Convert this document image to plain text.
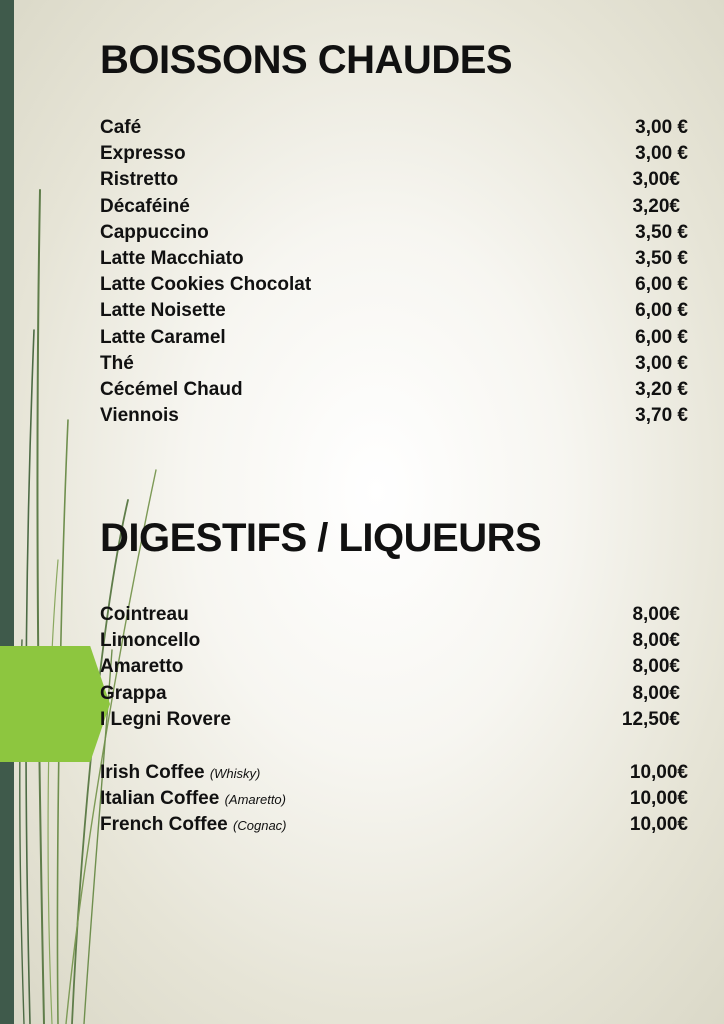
BOISSONS CHAUDES
Café	3,00 €
Expresso	3,00 €
Ristretto	3,00€
Décaféiné	3,20€
Cappuccino	3,50 €
Latte Macchiato	3,50 €
Latte Cookies Chocolat	6,00 €
Latte Noisette	6,00 €
Latte Caramel	6,00 €
Thé	3,00 €
Cécémel Chaud	3,20 €
Viennois	3,70 €
DIGESTIFS / LIQUEURS
Cointreau	8,00€
Limoncello	8,00€
Amaretto	8,00€
Grappa	8,00€
I Legni Rovere	12,50€
Irish Coffee (Whisky)	10,00€
Italian Coffee (Amaretto)	10,00€
French Coffee (Cognac)	10,00€
